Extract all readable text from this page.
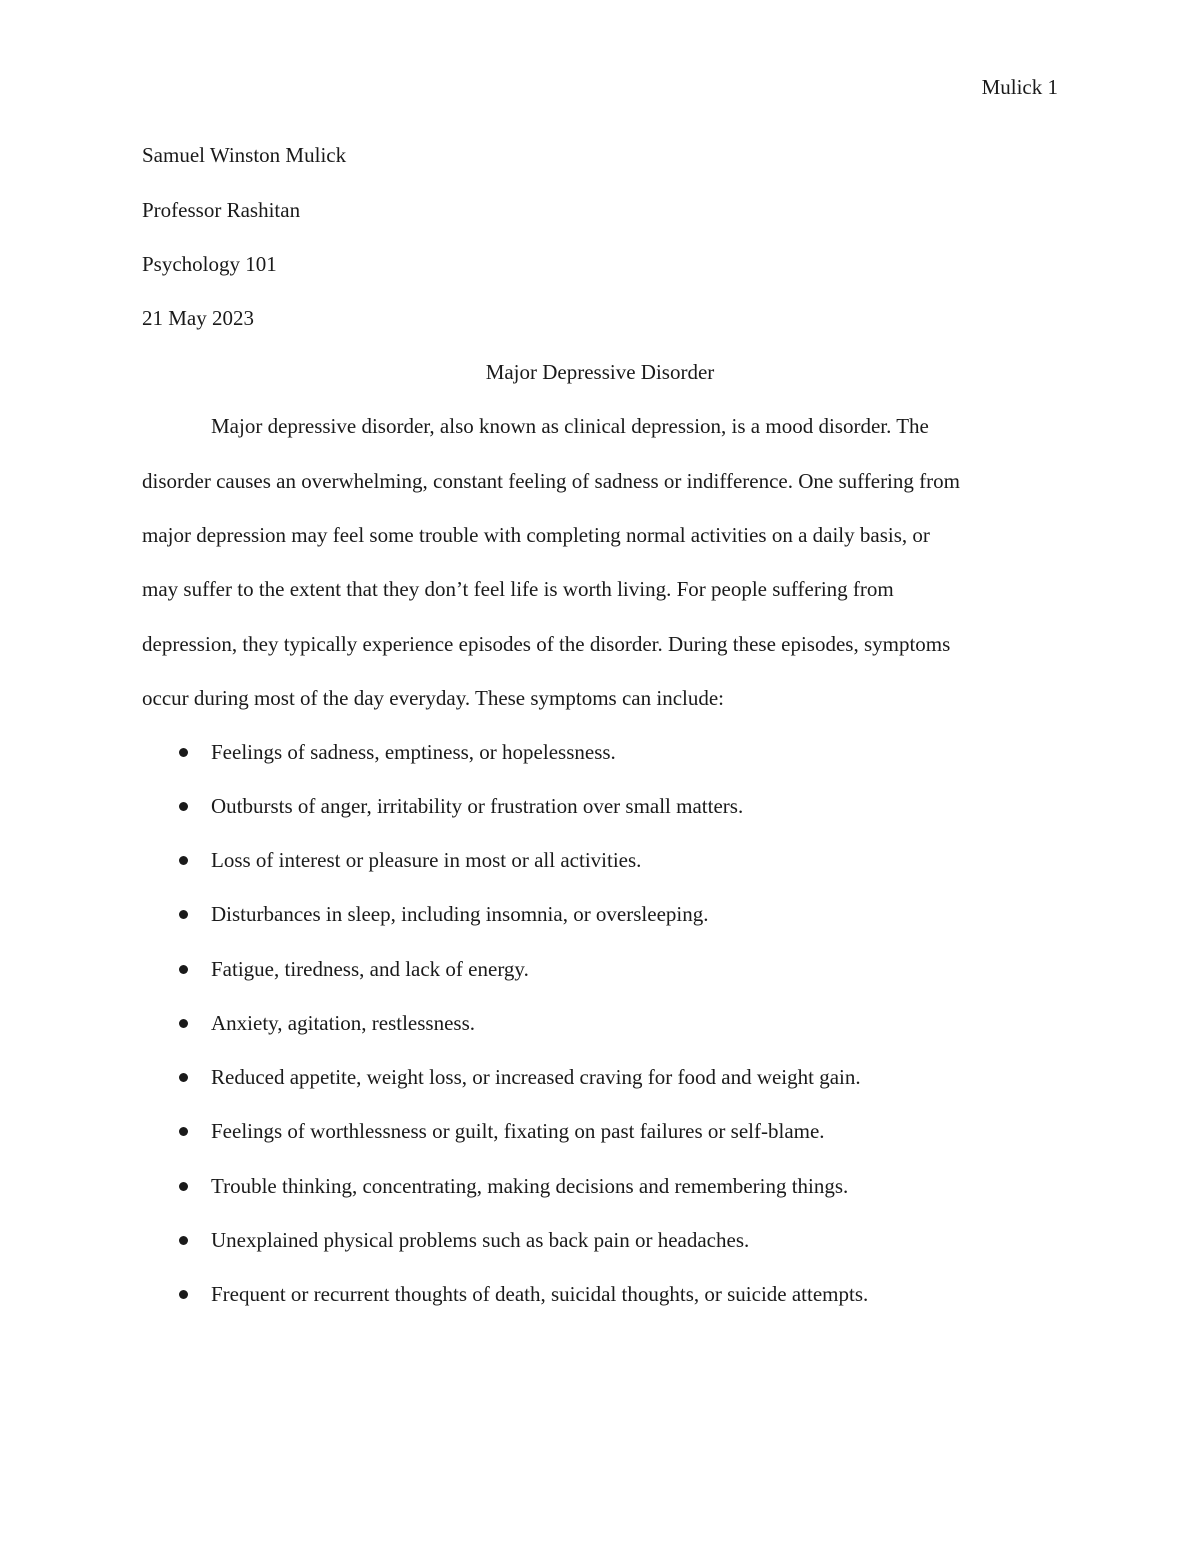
Mulick 1
Samuel Winston Mulick
Professor Rashitan
Psychology 101
21 May 2023
Major Depressive Disorder
Major depressive disorder, also known as clinical depression, is a mood disorder. The
disorder causes an overwhelming, constant feeling of sadness or indifference. One suffering from
major depression may feel some trouble with completing normal activities on a daily basis, or
may suffer to the extent that they don’t feel life is worth living. For people suffering from
depression, they typically experience episodes of the disorder. During these episodes, symptoms
occur during most of the day everyday. These symptoms can include:
Feelings of sadness, emptiness, or hopelessness.
Outbursts of anger, irritability or frustration over small matters.
Loss of interest or pleasure in most or all activities.
Disturbances in sleep, including insomnia, or oversleeping.
Fatigue, tiredness, and lack of energy.
Anxiety, agitation, restlessness.
Reduced appetite, weight loss, or increased craving for food and weight gain.
Feelings of worthlessness or guilt, fixating on past failures or self-blame.
Trouble thinking, concentrating, making decisions and remembering things.
Unexplained physical problems such as back pain or headaches.
Frequent or recurrent thoughts of death, suicidal thoughts, or suicide attempts.
